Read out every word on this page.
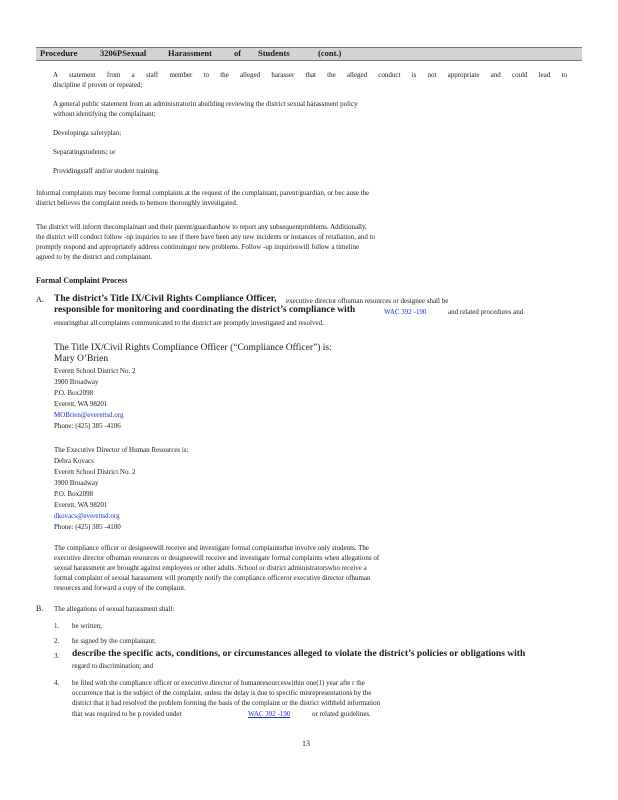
Procedure	3206PSexual	Harassment	of Students	(cont.)
A statement from a staff member to the alleged harasser that the alleged conduct is not appropriate and could lead to
discipline if proven or repeated;
A general public statement from an administratorin abuilding reviewing the district sexual harassment policy
without identifying the complainant;
Developinga safetyplan;
Separatingstudents; or
Providingstaff and/or student training.
Informal complaints may become formal complaints at the request of the complainant, parent/guardian, or bec ause the
district believes the complaint needs to bemore thoroughly investigated.
The district will inform thecomplainant and their parent/guardianhow to report any subsequentproblems. Additionally,
the district will conduct follow -up inquiries to see if there have been any new incidents or instances of retaliation, and to
promptly respond and appropriately address continuingor new problems. Follow -up inquirieswill follow a timeline
agreed to by the district and complainant.
Formal Complaint Process
A. The district’s Title IX/Civil Rights Compliance Officer, executive director ofhuman resources or designee shall be
responsible for monitoring and coordinating the district’s compliance with	WAC 392 -190	and related procedures and
ensuringthat all complaints communicated to the district are promptly investigated and resolved.
The Title IX/Civil Rights Compliance Officer (“Compliance Officer”) is:
Mary O’Brien
Everett School District No. 2
3900 Broadway
P.O. Box2098
Everett, WA 98201
MOBrien@everettsd.org
Phone: (425) 385 -4106
The Executive Director of Human Resources is:
Debra Kovacs
Everett School District No. 2
3900 Broadway
P.O. Box2098
Everett, WA 98201
dkovacs@everettsd.org
Phone: (425) 385 -4100
The compliance officer or designeewill receive and investigate formal complaintsthat involve only students. The
executive director ofhuman resources or designeewill receive and investigate formal complaints when allegations of
sexual harassment are brought against employees or other adults. School or district administratorswho receive a
formal complaint of sexual harassment will promptly notify the compliance officeror executive director ofhuman
resources and forward a copy of the complaint.
B. The allegations of sexual harassment shall:
1. be written;
2. be signed by the complainant;
3. describe the specific acts, conditions, or circumstances alleged to violate the district’s policies or obligations with
regard to discrimination; and
4. be filed with the compliance officer or executive director of humanresourceswithin one(1) year afte r the
occurrence that is the subject of the complaint, unless the delay is due to specific misrepresentations by the
district that it had resolved the problem forming the basis of the complaint or the district withheld information
that was required to be p rovided under	WAC 392 -190	or related guidelines.
13
